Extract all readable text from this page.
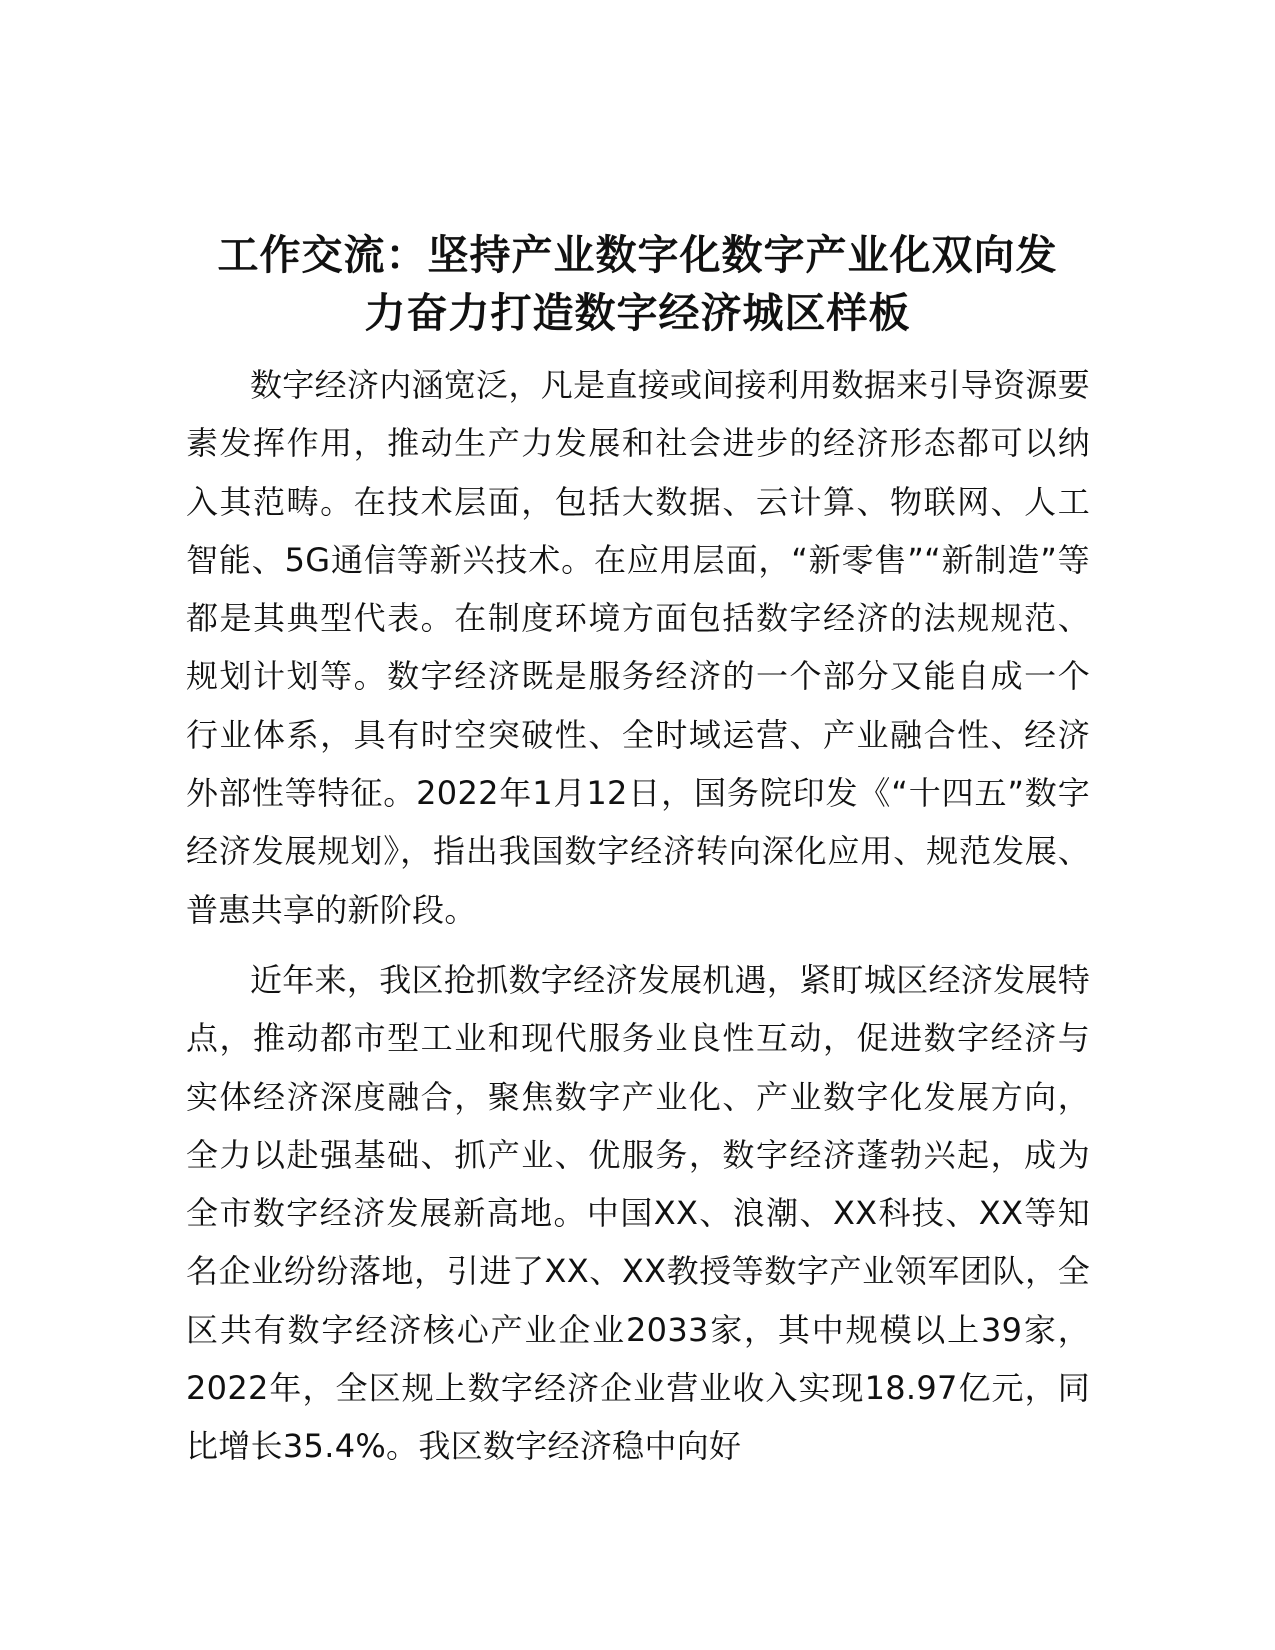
工作交流：坚持产业数字化数字产业化双向发
力奋力打造数字经济城区样板

数字经济内涵宽泛，凡是直接或间接利用数据来引导资源要素发挥作用，推动生产力发展和社会进步的经济形态都可以纳入其范畴。在技术层面，包括大数据、云计算、物联网、人工智能、5G通信等新兴技术。在应用层面，“新零售”“新制造”等都是其典型代表。在制度环境方面包括数字经济的法规规范、规划计划等。数字经济既是服务经济的一个部分又能自成一个行业体系，具有时空突破性、全时域运营、产业融合性、经济外部性等特征。2022年1月12日，国务院印发《“十四五”数字经济发展规划》，指出我国数字经济转向深化应用、规范发展、普惠共享的新阶段。

近年来，我区抢抓数字经济发展机遇，紧盯城区经济发展特点，推动都市型工业和现代服务业良性互动，促进数字经济与实体经济深度融合，聚焦数字产业化、产业数字化发展方向，全力以赴强基础、抓产业、优服务，数字经济蓬勃兴起，成为全市数字经济发展新高地。中国XX、浪潮、XX科技、XX等知名企业纷纷落地，引进了XX、XX教授等数字产业领军团队，全区共有数字经济核心产业企业2033家，其中规模以上39家，2022年，全区规上数字经济企业营业收入实现18.97亿元，同比增长35.4%。我区数字经济稳中向好
